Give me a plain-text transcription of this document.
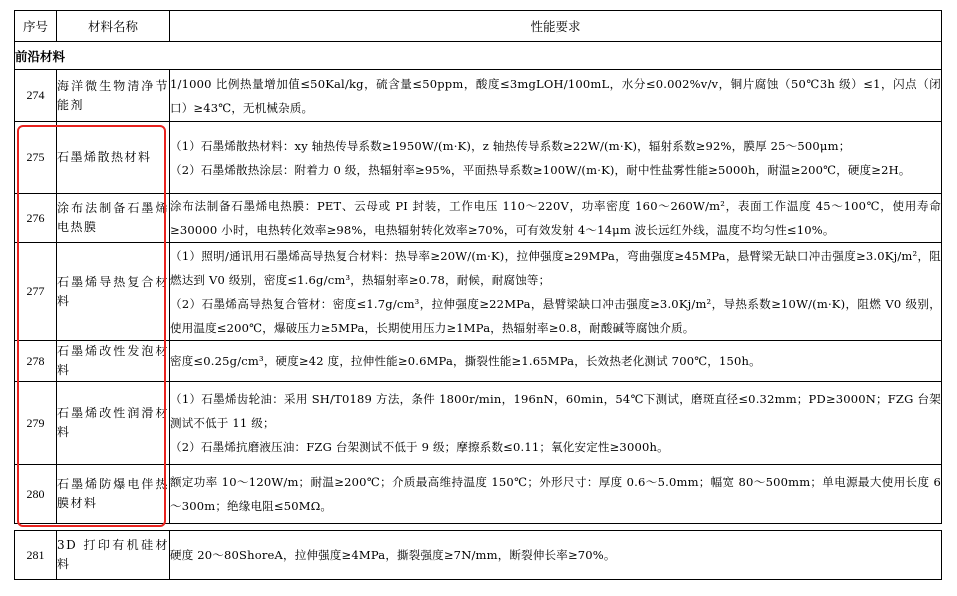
序号	材料名称	性能要求
前沿材料		
274	海洋微生物清净节能剂	1/1000 比例热量增加值≤50Kal/kg，硫含量≤50ppm，酸度≤3mgLOH/100mL，水分≤0.002%v/v，铜片腐蚀（50℃3h 级）≤1，闪点（闭口）≥43℃，无机械杂质。

275	石墨烯散热材料	（1）石墨烯散热材料：xy 轴热传导系数≥1950W/(m·K)，z 轴热传导系数≥22W/(m·K)，辐射系数≥92%，膜厚 25～500μm；
（2）石墨烯散热涂层：附着力 0 级，热辐射率≥95%，平面热导系数≥100W/(m·K)，耐中性盐雾性能≥5000h，耐温≥200℃，硬度≥2H。

276	涂布法制备石墨烯电热膜	涂布法制备石墨烯电热膜：PET、云母或 PI 封装，工作电压 110～220V，功率密度 160～260W/m²，表面工作温度 45～100℃，使用寿命≥30000 小时，电热转化效率≥98%，电热辐射转化效率≥70%，可有效发射 4～14μm 波长远红外线，温度不均匀性≤10%。

277	石墨烯导热复合材料	（1）照明/通讯用石墨烯高导热复合材料：热导率≥20W/(m·K)，拉伸强度≥29MPa，弯曲强度≥45MPa，悬臂梁无缺口冲击强度≥3.0Kj/m²，阻燃达到 V0 级别，密度≤1.6g/cm³，热辐射率≥0.78，耐候，耐腐蚀等；
（2）石墨烯高导热复合管材：密度≤1.7g/cm³，拉伸强度≥22MPa，悬臂梁缺口冲击强度≥3.0Kj/m²，导热系数≥10W/(m·K)，阻燃 V0 级别，使用温度≤200℃，爆破压力≥5MPa，长期使用压力≥1MPa，热辐射率≥0.8，耐酸碱等腐蚀介质。

278	石墨烯改性发泡材料	密度≤0.25g/cm³，硬度≥42 度，拉伸性能≥0.6MPa，撕裂性能≥1.65MPa，长效热老化测试 700℃，150h。

279	石墨烯改性润滑材料	（1）石墨烯齿轮油：采用 SH/T0189 方法，条件 1800r/min，196nN，60min，54℃下测试，磨斑直径≤0.32mm；PD≥3000N；FZG 台架测试不低于 11 级；
（2）石墨烯抗磨液压油：FZG 台架测试不低于 9 级；摩擦系数≤0.11；氧化安定性≥3000h。

280	石墨烯防爆电伴热膜材料	额定功率 10～120W/m；耐温≥200℃；介质最高维持温度 150℃；外形尺寸：厚度 0.6～5.0mm；幅宽 80～500mm；单电源最大使用长度 6～300m；绝缘电阻≤50MΩ。

281	3D 打印有机硅材料	硬度 20～80ShoreA，拉伸强度≥4MPa，撕裂强度≥7N/mm，断裂伸长率≥70%。
